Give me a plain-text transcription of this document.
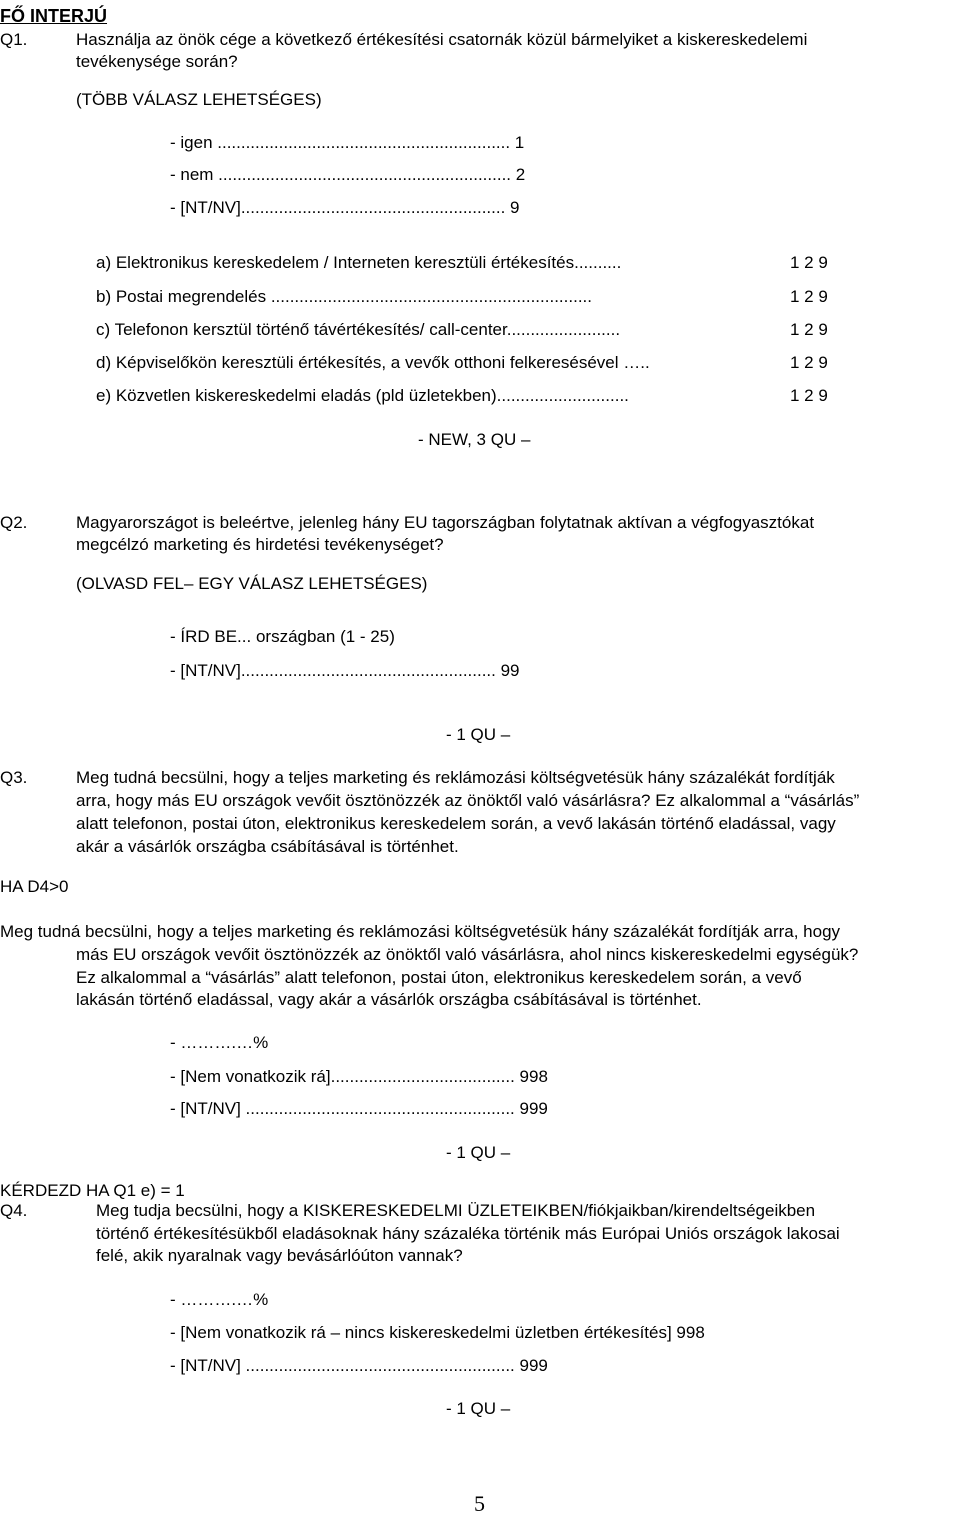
FŐ INTERJÚ
Q1.	Használja az önök cége a következő értékesítési csatornák közül bármelyiket a kiskereskedelemi
tevékenysége során?
(TÖBB VÁLASZ LEHETSÉGES)
- igen .............................................................. 1
- nem .............................................................. 2
- [NT/NV]........................................................ 9
a) Elektronikus kereskedelem / Interneten keresztüli értékesítés..........	1 2 9
b) Postai megrendelés ....................................................................	1 2 9
c) Telefonon kersztül történő távértékesítés/ call-center........................	1 2 9
d) Képviselőkön keresztüli értékesítés, a vevők otthoni felkeresésével …..	1 2 9
e) Közvetlen kiskereskedelmi eladás (pld üzletekben)............................	1 2 9
- NEW, 3 QU –
Q2.	Magyarországot is beleértve, jelenleg hány EU tagországban folytatnak aktívan a végfogyasztókat
megcélzó marketing és hirdetési tevékenységet?
(OLVASD FEL– EGY VÁLASZ LEHETSÉGES)
- ÍRD BE... országban (1 - 25)
- [NT/NV]...................................................... 99
- 1 QU –
Q3.	Meg tudná becsülni, hogy a teljes marketing és reklámozási költségvetésük hány százalékát fordítják
arra, hogy más EU országok vevőit ösztönözzék az önöktől való vásárlásra? Ez alkalommal a “vásárlás”
alatt telefonon, postai úton, elektronikus kereskedelem során, a vevő lakásán történő eladással, vagy
akár a vásárlók országba csábításával is történhet.
HA D4>0
Meg tudná becsülni, hogy a teljes marketing és reklámozási költségvetésük hány százalékát fordítják arra, hogy
más EU országok vevőit ösztönözzék az önöktől való vásárlásra, ahol nincs kiskereskedelmi egységük?
Ez alkalommal a “vásárlás” alatt telefonon, postai úton, elektronikus kereskedelem során, a vevő
lakásán történő eladással, vagy akár a vásárlók országba csábításával is történhet.
- ……….…%
- [Nem vonatkozik rá]....................................... 998
- [NT/NV] ......................................................... 999
- 1 QU –
KÉRDEZD HA Q1 e) = 1
Q4.	Meg tudja becsülni, hogy a KISKERESKEDELMI ÜZLETEIKBEN/fiókjaikban/kirendeltségeikben
történő értékesítésükből eladásoknak hány százaléka történik más Európai Uniós országok lakosai
felé, akik nyaralnak vagy bevásárlóúton vannak?
- ……….…%
- [Nem vonatkozik rá – nincs kiskereskedelmi üzletben értékesítés] 998
- [NT/NV] ......................................................... 999
- 1 QU –
5
